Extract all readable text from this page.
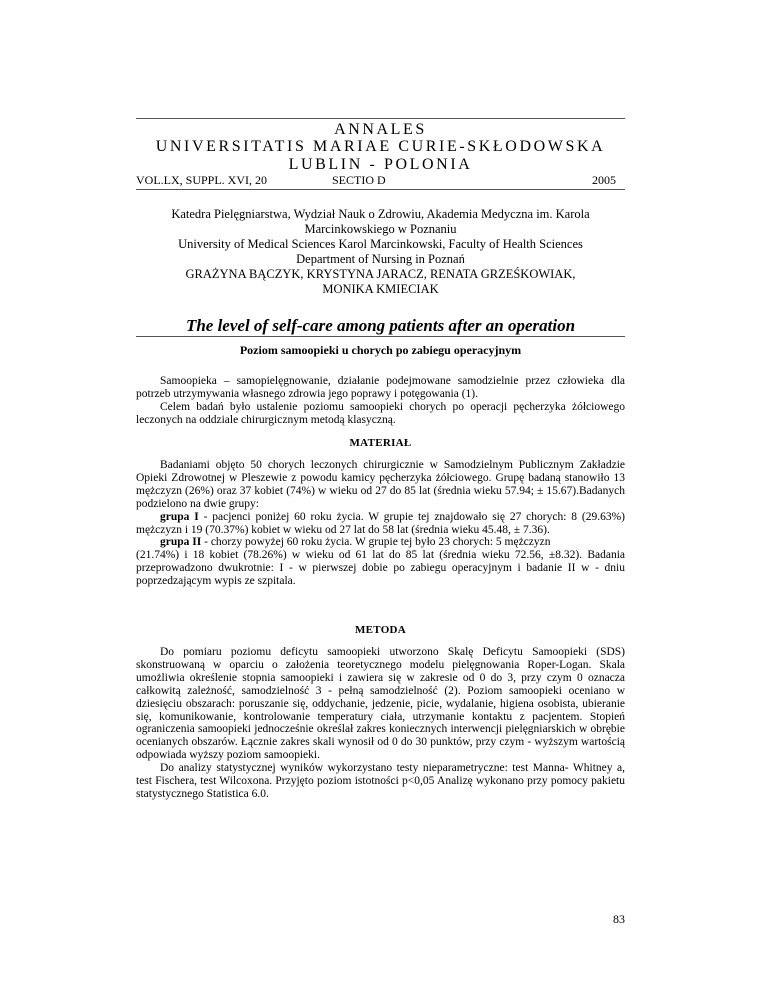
ANNALES
UNIVERSITATIS MARIAE CURIE-SKŁODOWSKA
LUBLIN - POLONIA
VOL.LX, SUPPL. XVI, 20	SECTIO D	2005
Katedra Pielęgniarstwa, Wydział Nauk o Zdrowiu, Akademia Medyczna im. Karola
Marcinkowskiego w Poznaniu
University of Medical Sciences Karol Marcinkowski, Faculty of Health Sciences
Department of Nursing in Poznań
GRAŻYNA BĄCZYK, KRYSTYNA JARACZ, RENATA GRZEŚKOWIAK,
MONIKA KMIECIAK
The level of self-care among patients after an operation
Poziom samoopieki u chorych po zabiegu operacyjnym

Samoopieka – samopielęgnowanie, działanie podejmowane samodzielnie przez człowieka dla potrzeb utrzymywania własnego zdrowia jego poprawy i potęgowania (1).

Celem badań było ustalenie poziomu samoopieki chorych po operacji pęcherzyka żółciowego leczonych na oddziale chirurgicznym metodą klasyczną.

MATERIAŁ

Badaniami objęto 50 chorych leczonych chirurgicznie w Samodzielnym Publicznym Zakładzie Opieki Zdrowotnej w Pleszewie z powodu kamicy pęcherzyka żółciowego. Grupę badaną stanowiło 13 mężczyzn (26%) oraz 37 kobiet (74%) w wieku od 27 do 85 lat (średnia wieku 57.94; ± 15.67).Badanych podzielono na dwie grupy:

grupa I - pacjenci poniżej 60 roku życia. W grupie tej znajdowało się 27 chorych: 8 (29.63%) mężczyzn i 19 (70.37%) kobiet w wieku od 27 lat do 58 lat (średnia wieku 45.48, ± 7.36).

grupa II - chorzy powyżej 60 roku życia. W grupie tej było 23 chorych: 5 mężczyzn

(21.74%) i 18 kobiet (78.26%) w wieku od 61 lat do 85 lat (średnia wieku 72.56, ±8.32). Badania przeprowadzono dwukrotnie: I - w pierwszej dobie po zabiegu operacyjnym i badanie II w - dniu poprzedzającym wypis ze szpitala.

METODA

Do pomiaru poziomu deficytu samoopieki utworzono Skalę Deficytu Samoopieki (SDS) skonstruowaną w oparciu o założenia teoretycznego modelu pielęgnowania Roper-Logan. Skala umożliwia określenie stopnia samoopieki i zawiera się w zakresie od 0 do 3, przy czym 0 oznacza całkowitą zależność, samodzielność 3 - pełną samodzielność (2). Poziom samoopieki oceniano w dziesięciu obszarach: poruszanie się, oddychanie, jedzenie, picie, wydalanie, higiena osobista, ubieranie się, komunikowanie, kontrolowanie temperatury ciała, utrzymanie kontaktu z pacjentem. Stopień ograniczenia samoopieki jednocześnie określał zakres koniecznych interwencji pielęgniarskich w obrębie ocenianych obszarów. Łącznie zakres skali wynosił od 0 do 30 punktów, przy czym - wyższym wartością odpowiada wyższy poziom samoopieki.

Do analizy statystycznej wyników wykorzystano testy nieparametryczne: test Manna- Whitney a, test Fischera, test Wilcoxona. Przyjęto poziom istotności p<0,05 Analizę wykonano przy pomocy pakietu statystycznego Statistica 6.0.

83
